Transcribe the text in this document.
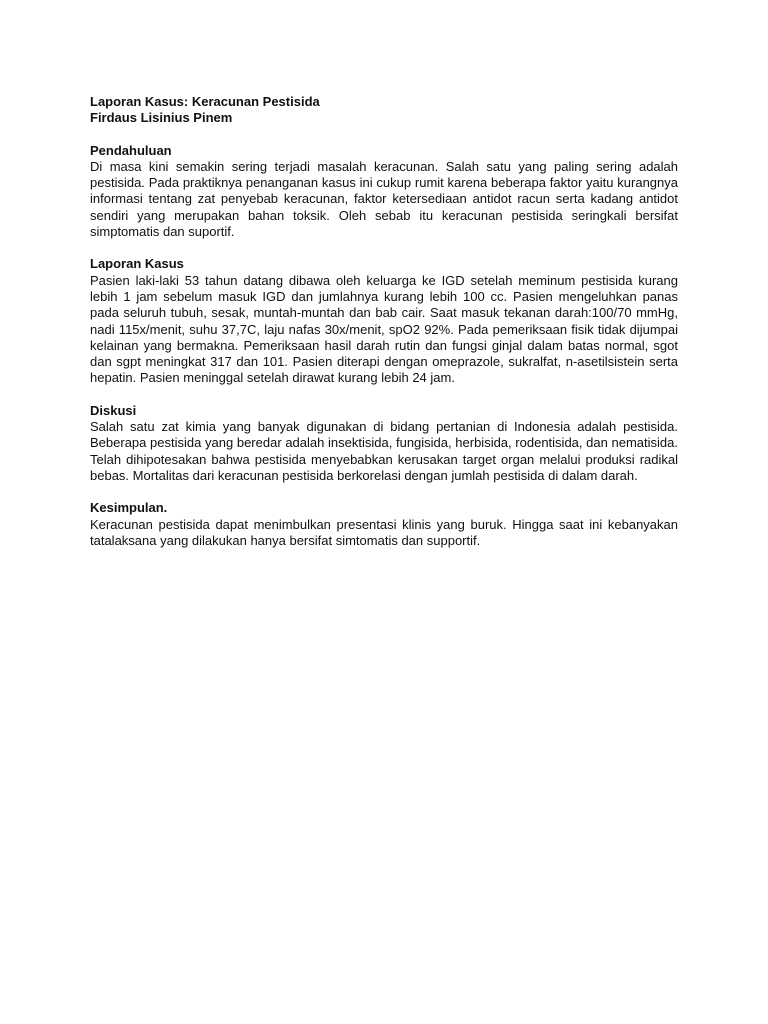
Laporan Kasus: Keracunan Pestisida

Firdaus Lisinius Pinem

Pendahuluan

Di masa kini semakin sering terjadi masalah keracunan. Salah satu yang paling sering adalah pestisida. Pada praktiknya penanganan kasus ini cukup rumit karena beberapa faktor yaitu kurangnya informasi tentang zat penyebab keracunan, faktor ketersediaan antidot racun serta kadang antidot sendiri yang merupakan bahan toksik. Oleh sebab itu keracunan pestisida seringkali bersifat simptomatis dan suportif.

Laporan Kasus

Pasien laki-laki 53 tahun datang dibawa oleh keluarga ke IGD setelah meminum pestisida kurang lebih 1 jam sebelum masuk IGD dan jumlahnya kurang lebih 100 cc. Pasien mengeluhkan panas pada seluruh tubuh, sesak, muntah-muntah dan bab cair. Saat masuk tekanan darah:100/70 mmHg, nadi 115x/menit, suhu 37,7C, laju nafas 30x/menit, spO2 92%. Pada pemeriksaan fisik tidak dijumpai kelainan yang bermakna. Pemeriksaan hasil darah rutin dan fungsi ginjal dalam batas normal, sgot dan sgpt meningkat 317 dan 101. Pasien diterapi dengan omeprazole, sukralfat, n-asetilsistein serta hepatin. Pasien meninggal setelah dirawat kurang lebih 24 jam.

Diskusi

Salah satu zat kimia yang banyak digunakan di bidang pertanian di Indonesia adalah pestisida. Beberapa pestisida yang beredar adalah insektisida, fungisida, herbisida, rodentisida, dan nematisida. Telah dihipotesakan bahwa pestisida menyebabkan kerusakan target organ melalui produksi radikal bebas. Mortalitas dari keracunan pestisida berkorelasi dengan jumlah pestisida di dalam darah.

Kesimpulan.

Keracunan pestisida dapat menimbulkan presentasi klinis yang buruk. Hingga saat ini kebanyakan tatalaksana yang dilakukan hanya bersifat simtomatis dan supportif.
